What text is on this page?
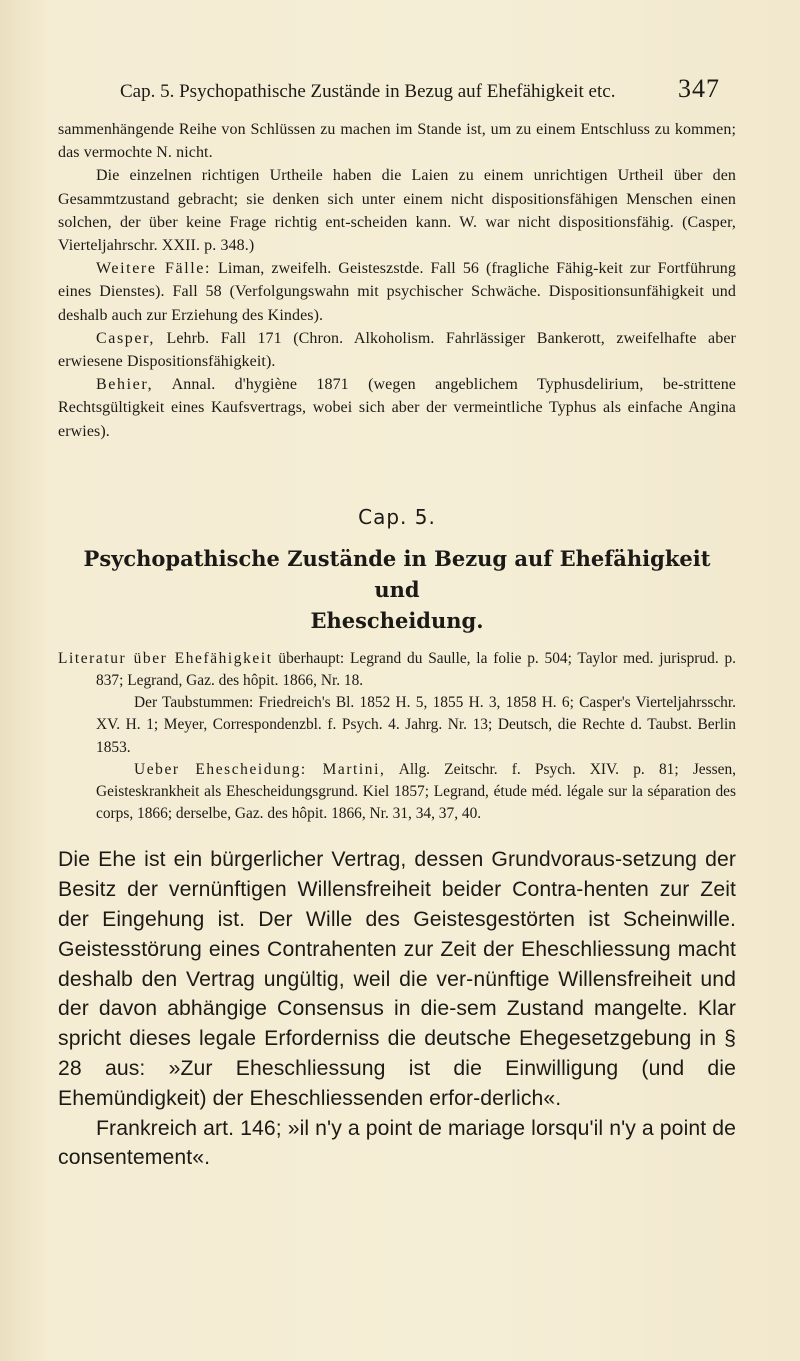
Cap. 5. Psychopathische Zustände in Bezug auf Ehefähigkeit etc. 347

sammenhängende Reihe von Schlüssen zu machen im Stande ist, um zu einem Entschluss zu kommen; das vermochte N. nicht.

Die einzelnen richtigen Urtheile haben die Laien zu einem unrichtigen Urtheil über den Gesammtzustand gebracht; sie denken sich unter einem nicht dispositionsfähigen Menschen einen solchen, der über keine Frage richtig ent-scheiden kann. W. war nicht dispositionsfähig. (Casper, Vierteljahrschr. XXII. p. 348.)

Weitere Fälle: Liman, zweifelh. Geisteszstde. Fall 56 (fragliche Fähig-keit zur Fortführung eines Dienstes). Fall 58 (Verfolgungswahn mit psychischer Schwäche. Dispositionsunfähigkeit und deshalb auch zur Erziehung des Kindes).

Casper, Lehrb. Fall 171 (Chron. Alkoholism. Fahrlässiger Bankerott, zweifelhafte aber erwiesene Dispositionsfähigkeit).

Behier, Annal. d'hygiène 1871 (wegen angeblichem Typhusdelirium, be-strittene Rechtsgültigkeit eines Kaufsvertrags, wobei sich aber der vermeintliche Typhus als einfache Angina erwies).

Cap. 5.
Psychopathische Zustände in Bezug auf Ehefähigkeit und
Ehescheidung.

Literatur über Ehefähigkeit überhaupt: Legrand du Saulle, la folie p. 504; Taylor med. jurisprud. p. 837; Legrand, Gaz. des hôpit. 1866, Nr. 18.

Der Taubstummen: Friedreich's Bl. 1852 H. 5, 1855 H. 3, 1858 H. 6; Casper's Vierteljahrsschr. XV. H. 1; Meyer, Correspondenzbl. f. Psych. 4. Jahrg. Nr. 13; Deutsch, die Rechte d. Taubst. Berlin 1853.

Ueber Ehescheidung: Martini, Allg. Zeitschr. f. Psych. XIV. p. 81; Jessen, Geisteskrankheit als Ehescheidungsgrund. Kiel 1857; Legrand, étude méd. légale sur la séparation des corps, 1866; derselbe, Gaz. des hôpit. 1866, Nr. 31, 34, 37, 40.

Die Ehe ist ein bürgerlicher Vertrag, dessen Grundvoraus-setzung der Besitz der vernünftigen Willensfreiheit beider Contra-henten zur Zeit der Eingehung ist. Der Wille des Geistesgestörten ist Scheinwille. Geistesstörung eines Contrahenten zur Zeit der Eheschliessung macht deshalb den Vertrag ungültig, weil die ver-nünftige Willensfreiheit und der davon abhängige Consensus in die-sem Zustand mangelte. Klar spricht dieses legale Erforderniss die deutsche Ehegesetzgebung in § 28 aus: »Zur Eheschliessung ist die Einwilligung (und die Ehemündigkeit) der Eheschliessenden erfor-derlich«.

Frankreich art. 146; »il n'y a point de mariage lorsqu'il n'y a point de consentement«.
